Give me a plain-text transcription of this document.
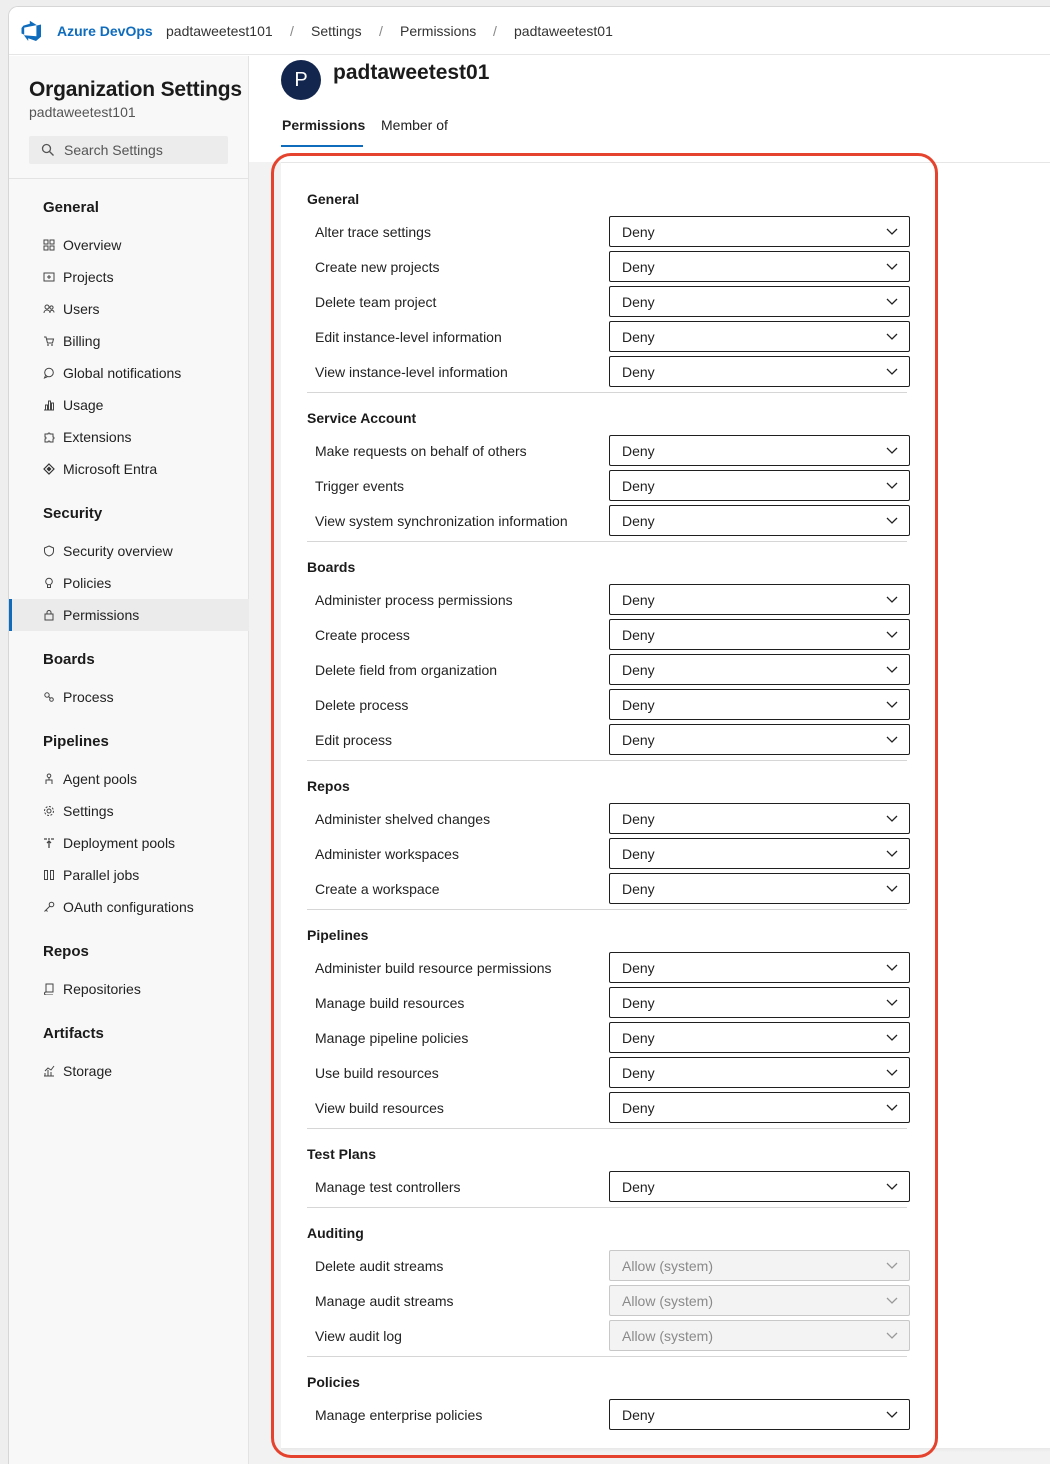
Azure DevOps padtaweetest101 / Settings / Permissions / padtaweetest01
Organization Settings
padtaweetest101
Search Settings
General
Overview
Projects
Users
Billing
Global notifications
Usage
Extensions
Microsoft Entra
Security
Security overview
Policies
Permissions
Boards
Process
Pipelines
Agent pools
Settings
Deployment pools
Parallel jobs
OAuth configurations
Repos
Repositories
Artifacts
Storage
P	padtaweetest01
Permissions Member of
General
Alter trace settings	Deny
Create new projects	Deny
Delete team project	Deny
Edit instance-level information	Deny
View instance-level information	Deny
Service Account
Make requests on behalf of others	Deny
Trigger events	Deny
View system synchronization information	Deny
Boards
Administer process permissions	Deny
Create process	Deny
Delete field from organization	Deny
Delete process	Deny
Edit process	Deny
Repos
Administer shelved changes	Deny
Administer workspaces	Deny
Create a workspace	Deny
Pipelines
Administer build resource permissions	Deny
Manage build resources	Deny
Manage pipeline policies	Deny
Use build resources	Deny
View build resources	Deny
Test Plans
Manage test controllers	Deny
Auditing
Delete audit streams	Allow (system)
Manage audit streams	Allow (system)
View audit log	Allow (system)
Policies
Manage enterprise policies	Deny
